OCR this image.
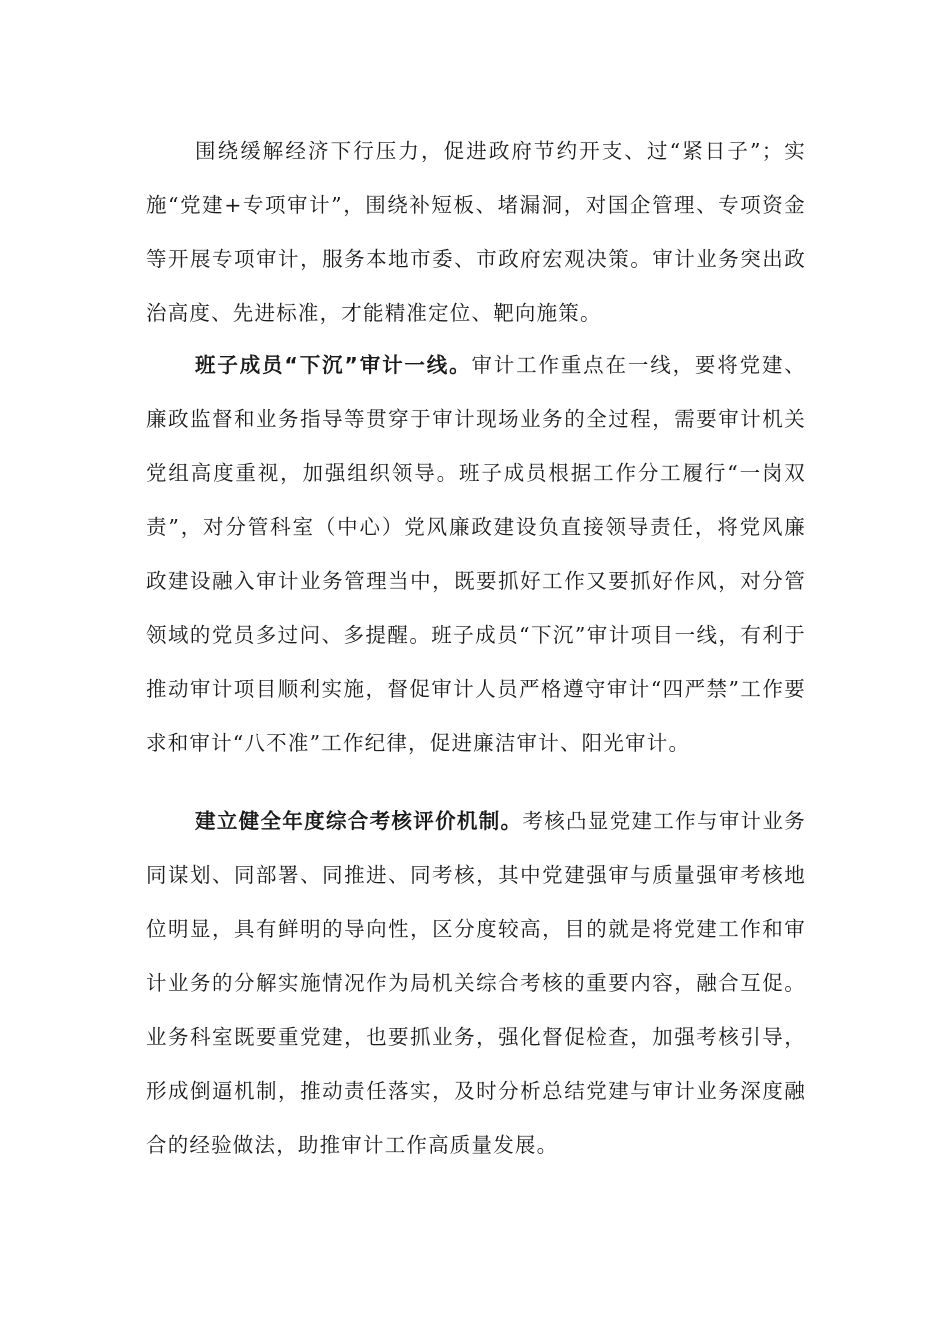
围绕缓解经济下行压力，促进政府节约开支、过“紧日子”；实施“党建+专项审计”，围绕补短板、堵漏洞，对国企管理、专项资金等开展专项审计，服务本地市委、市政府宏观决策。审计业务突出政治高度、先进标准，才能精准定位、靶向施策。

班子成员“下沉”审计一线。审计工作重点在一线，要将党建、廉政监督和业务指导等贯穿于审计现场业务的全过程，需要审计机关党组高度重视，加强组织领导。班子成员根据工作分工履行“一岗双责”，对分管科室（中心）党风廉政建设负直接领导责任，将党风廉政建设融入审计业务管理当中，既要抓好工作又要抓好作风，对分管领域的党员多过问、多提醒。班子成员“下沉”审计项目一线，有利于推动审计项目顺利实施，督促审计人员严格遵守审计“四严禁”工作要求和审计“八不准”工作纪律，促进廉洁审计、阳光审计。

建立健全年度综合考核评价机制。考核凸显党建工作与审计业务同谋划、同部署、同推进、同考核，其中党建强审与质量强审考核地位明显，具有鲜明的导向性，区分度较高，目的就是将党建工作和审计业务的分解实施情况作为局机关综合考核的重要内容，融合互促。业务科室既要重党建，也要抓业务，强化督促检查，加强考核引导，形成倒逼机制，推动责任落实，及时分析总结党建与审计业务深度融合的经验做法，助推审计工作高质量发展。
